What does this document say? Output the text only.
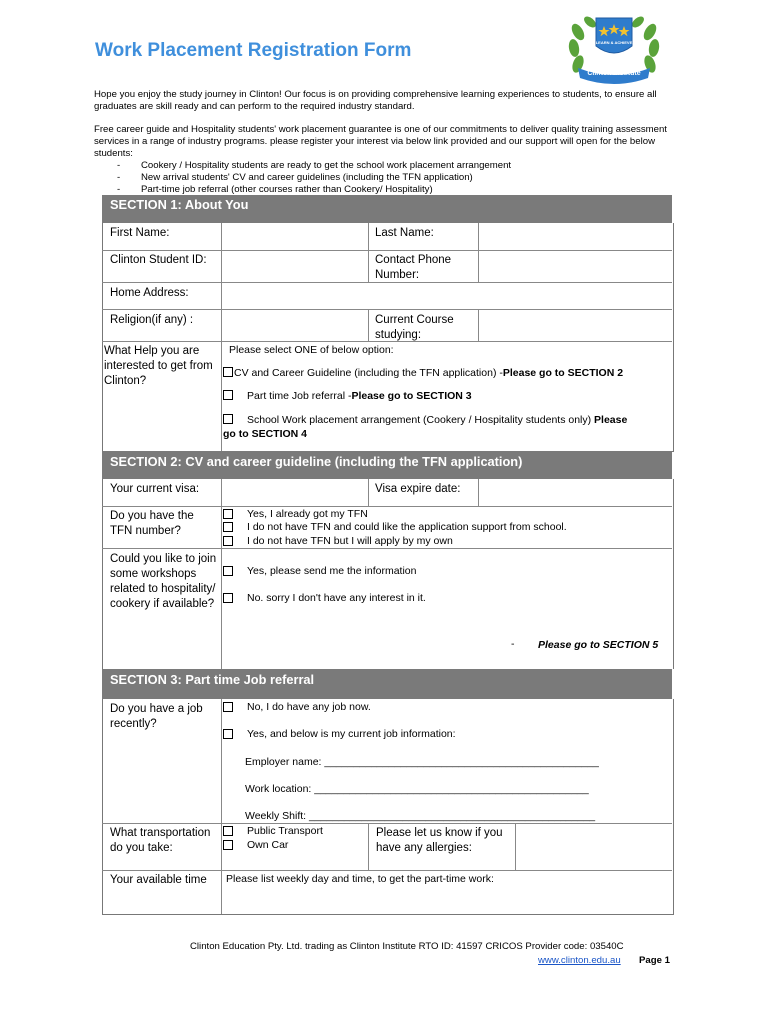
Work Placement Registration Form	LEARN & ACHIEVE
Clinton Institute
Hope you enjoy the study journey in Clinton! Our focus is on providing comprehensive learning experiences to students, to ensure all graduates are skill ready and can perform to the required industry standard.
Free career guide and Hospitality students' work placement guarantee is one of our commitments to deliver quality training assessment services in a range of industry programs. please register your interest via below link provided and our support will open for the below students:
- Cookery / Hospitality students are ready to get the school work placement arrangement
- New arrival students' CV and career guidelines (including the TFN application)
- Part-time job referral (other courses rather than Cookery/ Hospitality)
SECTION 1: About You
First Name:	Last Name:
Clinton Student ID:	Contact Phone Number:
Home Address:
Religion(if any) :	Current Course studying:
What Help you are interested to get from Clinton?
Please select ONE of below option:
CV and Career Guideline (including the TFN application) -Please go to SECTION 2
Part time Job referral -Please go to SECTION 3
School Work placement arrangement (Cookery / Hospitality students only) Please
go to SECTION 4
SECTION 2: CV and career guideline (including the TFN application)
Your current visa:	Visa expire date:
Do you have the TFN number?
Yes, I already got my TFN
I do not have TFN and could like the application support from school.
I do not have TFN but I will apply by my own
Could you like to join some workshops related to hospitality/ cookery if available?
Yes, please send me the information
No. sorry I don't have any interest in it.
- Please go to SECTION 5
SECTION 3: Part time Job referral
Do you have a job recently?
No, I do have any job now.
Yes, and below is my current job information:
Employer name: _______________________________________________
Work location: _______________________________________________
Weekly Shift: _________________________________________________
What transportation do you take:
Public Transport
Own Car
Please let us know if you have any allergies:
Your available time Please list weekly day and time, to get the part-time work:
Clinton Education Pty. Ltd. trading as Clinton Institute RTO ID: 41597 CRICOS Provider code: 03540C
www.clinton.edu.au Page 1
